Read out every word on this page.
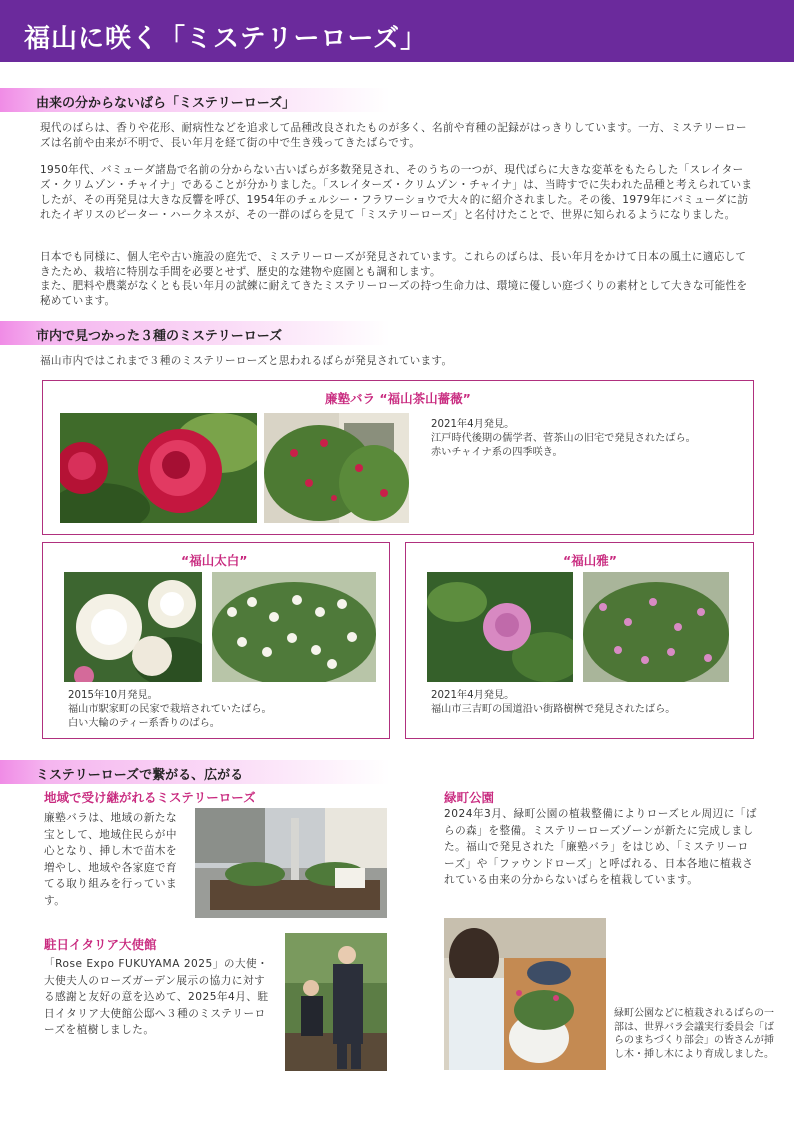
福山に咲く「ミステリーローズ」
由来の分からないばら「ミステリーローズ」
現代のばらは、香りや花形、耐病性などを追求して品種改良されたものが多く、名前や育種の記録がはっきりしています。一方、ミステリーローズは名前や由来が不明で、長い年月を経て街の中で生き残ってきたばらです。
1950年代、バミューダ諸島で名前の分からない古いばらが多数発見され、そのうちの一つが、現代ばらに大きな変革をもたらした「スレイターズ・クリムゾン・チャイナ」であることが分かりました。「スレイターズ・クリムゾン・チャイナ」は、当時すでに失われた品種と考えられていましたが、その再発見は大きな反響を呼び、1954年のチェルシー・フラワーショウで大々的に紹介されました。その後、1979年にバミューダに訪れたイギリスのピーター・ハークネスが、その一群のばらを見て「ミステリーローズ」と名付けたことで、世界に知られるようになりました。
日本でも同様に、個人宅や古い施設の庭先で、ミステリーローズが発見されています。これらのばらは、長い年月をかけて日本の風土に適応してきたため、栽培に特別な手間を必要とせず、歴史的な建物や庭園とも調和します。
また、肥料や農薬がなくとも長い年月の試練に耐えてきたミステリーローズの持つ生命力は、環境に優しい庭づくりの素材として大きな可能性を秘めています。
市内で見つかった３種のミステリーローズ
福山市内ではこれまで３種のミステリーローズと思われるばらが発見されています。
廉塾バラ “福山茶山薔薇”
2021年4月発見。
江戸時代後期の儒学者、菅茶山の旧宅で発見されたばら。赤いチャイナ系の四季咲き。
“福山太白”
2015年10月発見。
福山市駅家町の民家で栽培されていたばら。
白い大輪のティー系香りのばら。
“福山雅”
2021年4月発見。
福山市三吉町の国道沿い街路樹桝で発見されたばら。
ミステリーローズで繋がる、広がる
地域で受け継がれるミステリーローズ
廉塾バラは、地域の新たな宝として、地域住民らが中心となり、挿し木で苗木を増やし、地域や各家庭で育てる取り組みを行っています。
駐日イタリア大使館
「Rose Expo FUKUYAMA 2025」の大使・大使夫人のローズガーデン展示の協力に対する感謝と友好の意を込めて、2025年4月、駐日イタリア大使館公邸へ３種のミステリーローズを植樹しました。
緑町公園
2024年3月、緑町公園の植栽整備によりローズヒル周辺に「ばらの森」を整備。ミステリーローズゾーンが新たに完成しました。福山で発見された「廉塾バラ」をはじめ、「ミステリーローズ」や「ファウンドローズ」と呼ばれる、日本各地に植栽されている由来の分からないばらを植栽しています。
緑町公園などに植栽されるばらの一部は、世界バラ会議実行委員会「ばらのまちづくり部会」の皆さんが挿し木・挿し木により育成しました。
